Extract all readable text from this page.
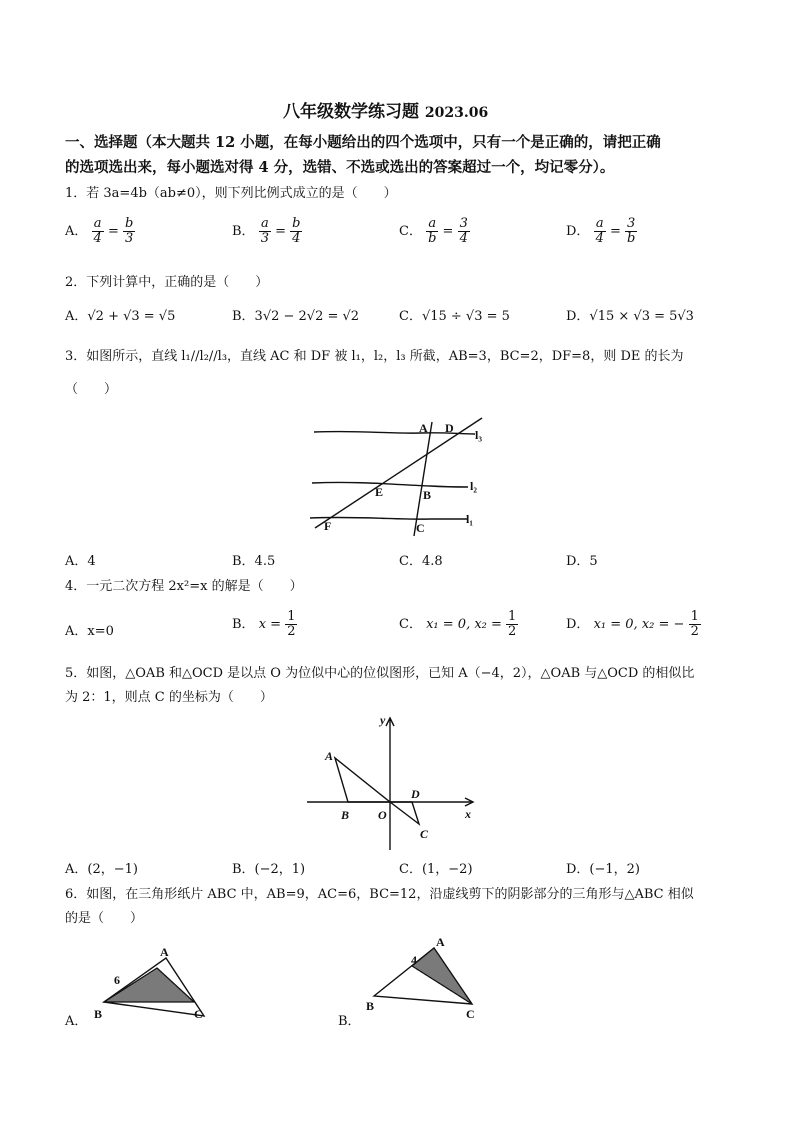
八年级数学练习题 2023.06
一、选择题（本大题共 12 小题，在每小题给出的四个选项中，只有一个是正确的，请把正确
的选项选出来，每小题选对得 4 分，选错、不选或选出的答案超过一个，均记零分）。
1．若 3a=4b（ab≠0），则下列比例式成立的是（　　）
A． $\frac{a}{4} = \frac{b}{3}$	B． $\frac{a}{3} = \frac{b}{4}$	C． $\frac{a}{b} = \frac{3}{4}$	D． $\frac{a}{4} = \frac{3}{b}$
2．下列计算中，正确的是（　　）
A．√2 + √3 = √5	B．3√2 − 2√2 = √2	C．√15 ÷ √3 = 5	D．√15 × √3 = 5√3
3．如图所示，直线 l₁//l₂//l₃，直线 AC 和 DF 被 l₁，l₂，l₃ 所截，AB=3，BC=2，DF=8，则 DE 的长为
（　　）
A D l₃
E	B
l₂
F	C
l₁
A．4	B．4.5	C．4.8	D．5
4．一元二次方程 2x²=x 的解是（　　）
A．x=0	B． $x = \frac{1}{2}$	C． x₁ = 0, $x_2 = \frac{1}{2}$	D． x₁ = 0, x₂ = − $\frac{1}{2}$
5．如图，△OAB 和△OCD 是以点 O 为位似中心的位似图形，已知 A（−4，2），△OAB 与△OCD 的相似比
为 2：1，则点 C 的坐标为（　　）
y
x
A
B O
D
C
A．(2，−1)	B．(−2，1)	C．(1，−2)	D．(−1，2)
6．如图，在三角形纸片 ABC 中，AB=9，AC=6，BC=12，沿虚线剪下的阴影部分的三角形与△ABC 相似
的是（　　）
A．
A
6
B	C	B．
A
4
B
C
